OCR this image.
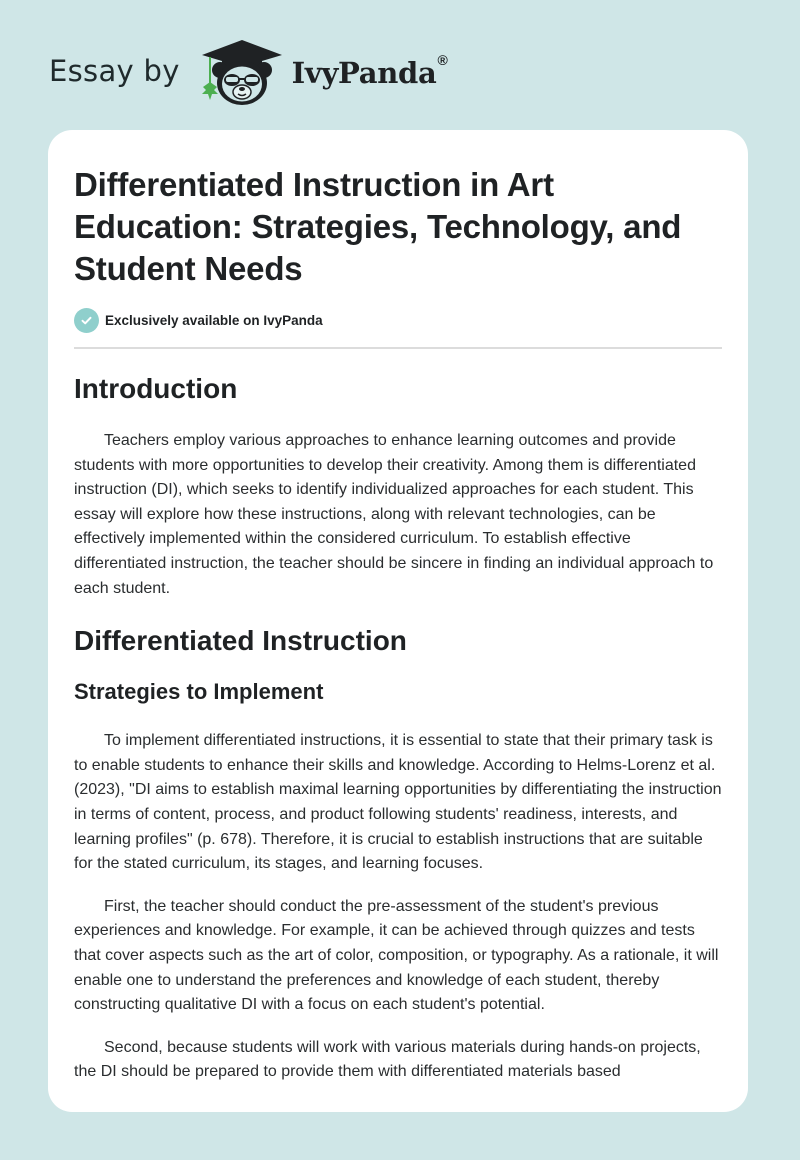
Essay by	IvyPanda®
Differentiated Instruction in Art Education: Strategies, Technology, and Student Needs
Exclusively available on IvyPanda
Introduction

Teachers employ various approaches to enhance learning outcomes and provide students with more opportunities to develop their creativity. Among them is differentiated instruction (DI), which seeks to identify individualized approaches for each student. This essay will explore how these instructions, along with relevant technologies, can be effectively implemented within the considered curriculum. To establish effective differentiated instruction, the teacher should be sincere in finding an individual approach to each student.

Differentiated Instruction
Strategies to Implement

To implement differentiated instructions, it is essential to state that their primary task is to enable students to enhance their skills and knowledge. According to Helms-Lorenz et al. (2023), "DI aims to establish maximal learning opportunities by differentiating the instruction in terms of content, process, and product following students' readiness, interests, and learning profiles" (p. 678). Therefore, it is crucial to establish instructions that are suitable for the stated curriculum, its stages, and learning focuses.

First, the teacher should conduct the pre-assessment of the student's previous experiences and knowledge. For example, it can be achieved through quizzes and tests that cover aspects such as the art of color, composition, or typography. As a rationale, it will enable one to understand the preferences and knowledge of each student, thereby constructing qualitative DI with a focus on each student's potential.

Second, because students will work with various materials during hands-on projects, the DI should be prepared to provide them with differentiated materials based
